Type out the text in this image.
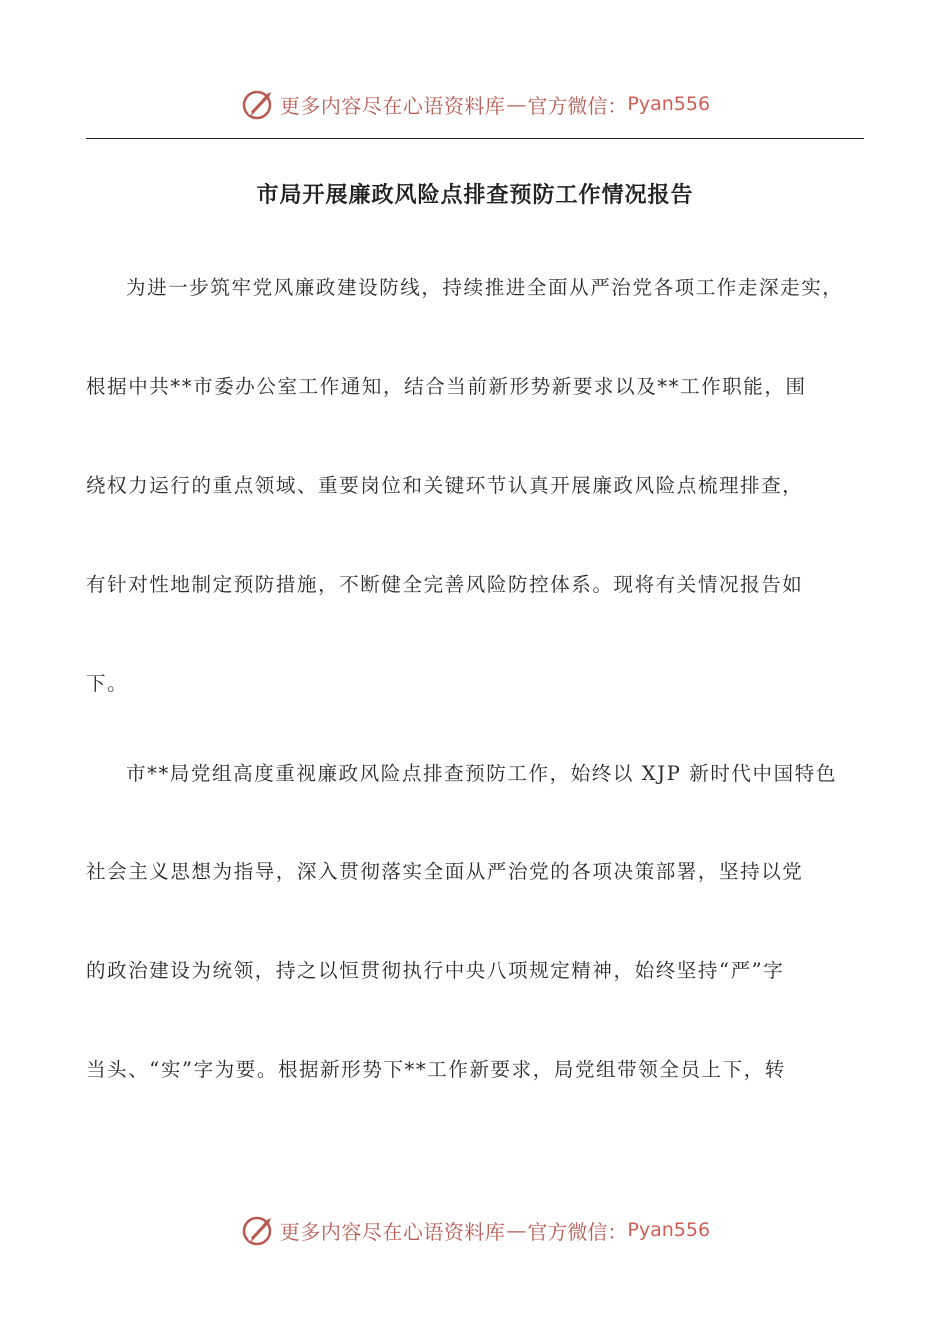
更多内容尽在心语资料库 — 官方微信： Pyan556
市局开展廉政风险点排查预防工作情况报告
为进一步筑牢党风廉政建设防线，持续推进全面从严治党各项工作走深走实，
根据中共**市委办公室工作通知，结合当前新形势新要求以及**工作职能，围
绕权力运行的重点领域、重要岗位和关键环节认真开展廉政风险点梳理排查，
有针对性地制定预防措施，不断健全完善风险防控体系。现将有关情况报告如
下。
市**局党组高度重视廉政风险点排查预防工作，始终以 XJP 新时代中国特色
社会主义思想为指导，深入贯彻落实全面从严治党的各项决策部署，坚持以党
的政治建设为统领，持之以恒贯彻执行中央八项规定精神，始终坚持“严”字
当头、“实”字为要。根据新形势下**工作新要求，局党组带领全员上下，转
更多内容尽在心语资料库 — 官方微信： Pyan556
